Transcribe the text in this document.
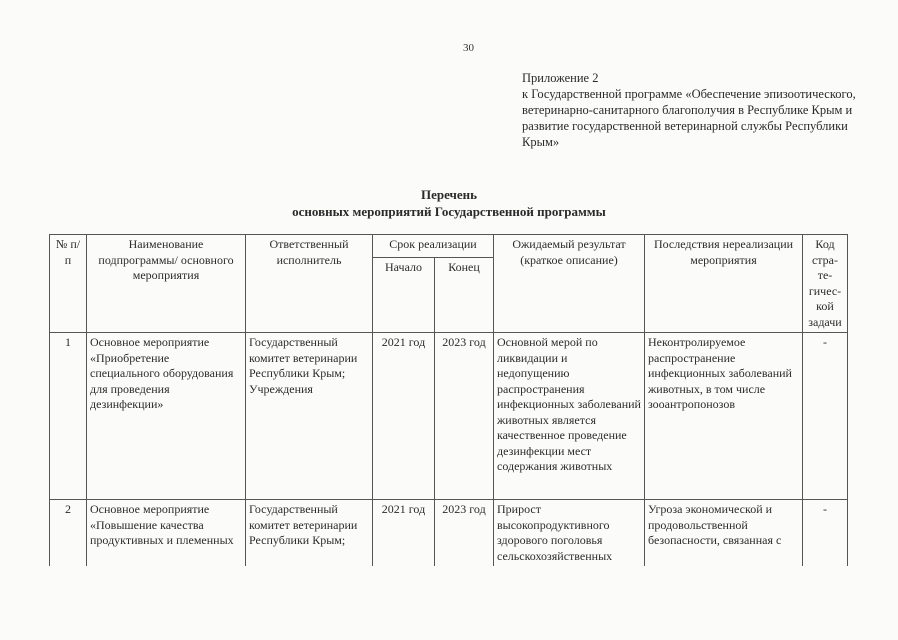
30
Приложение 2
к Государственной программе «Обеспечение эпизоотического, ветеринарно-санитарного благополучия в Республике Крым и развитие государственной ветеринарной службы Республики Крым»
Перечень
основных мероприятий Государственной программы
№ п/п	Наименование подпрограммы/ основного мероприятия	Ответственный исполнитель	Срок реализации		Ожидаемый результат (краткое описание)	Последствия нереализации мероприятия	Код стра-те-гичес-кой задачи
			Начало	Конец			
1	Основное мероприятие «Приобретение специального оборудования для проведения дезинфекции»	Государственный комитет ветеринарии Республики Крым; Учреждения	2021 год	2023 год	Основной мерой по ликвидации и недопущению распространения инфекционных заболеваний животных является качественное проведение дезинфекции мест содержания животных	Неконтролируемое распространение инфекционных заболеваний животных, в том числе зооантропонозов	-
2	Основное мероприятие «Повышение качества продуктивных и племенных	Государственный комитет ветеринарии Республики Крым;	2021 год	2023 год	Прирост высокопродуктивного здорового поголовья сельскохозяйственных	Угроза экономической и продовольственной безопасности, связанная с	-
